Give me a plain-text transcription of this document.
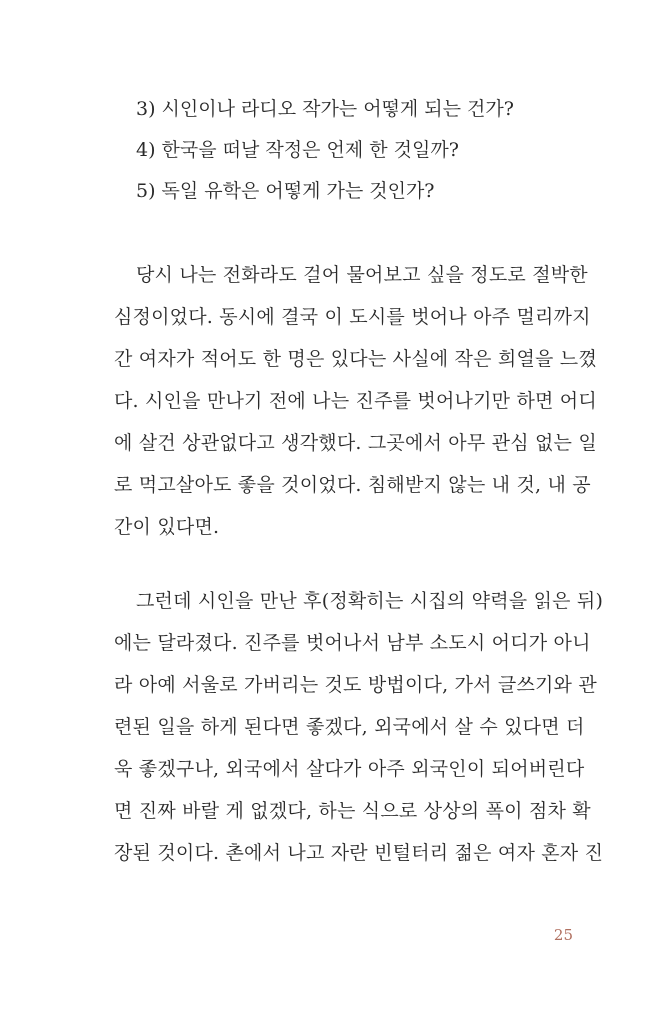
3) 시인이나 라디오 작가는 어떻게 되는 건가?
4) 한국을 떠날 작정은 언제 한 것일까?
5) 독일 유학은 어떻게 가는 것인가?
당시 나는 전화라도 걸어 물어보고 싶을 정도로 절박한
심정이었다. 동시에 결국 이 도시를 벗어나 아주 멀리까지
간 여자가 적어도 한 명은 있다는 사실에 작은 희열을 느꼈
다. 시인을 만나기 전에 나는 진주를 벗어나기만 하면 어디
에 살건 상관없다고 생각했다. 그곳에서 아무 관심 없는 일
로 먹고살아도 좋을 것이었다. 침해받지 않는 내 것, 내 공
간이 있다면.
그런데 시인을 만난 후(정확히는 시집의 약력을 읽은 뒤)
에는 달라졌다. 진주를 벗어나서 남부 소도시 어디가 아니
라 아예 서울로 가버리는 것도 방법이다, 가서 글쓰기와 관
련된 일을 하게 된다면 좋겠다, 외국에서 살 수 있다면 더
욱 좋겠구나, 외국에서 살다가 아주 외국인이 되어버린다
면 진짜 바랄 게 없겠다, 하는 식으로 상상의 폭이 점차 확
장된 것이다. 촌에서 나고 자란 빈털터리 젊은 여자 혼자 진
25
